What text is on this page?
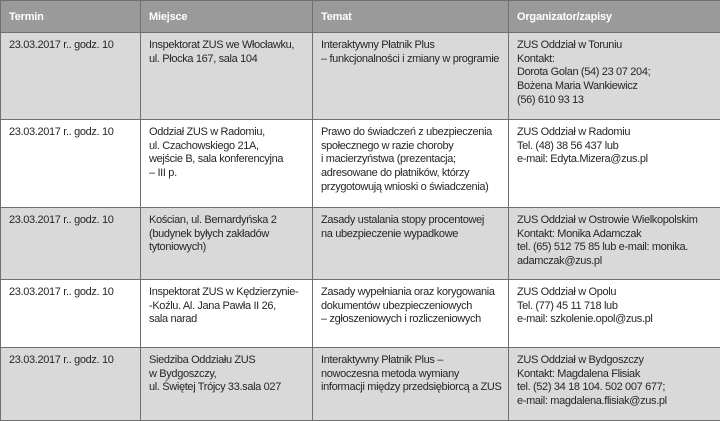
Termin	Miejsce	Temat	Organizator/zapisy

23.03.2017 r.. godz. 10	Inspektorat ZUS we Włocławku,
ul. Płocka 167, sala 104	Interaktywny Płatnik Plus
– funkcjonalności i zmiany w programie	ZUS Oddział w Toruniu
Kontakt:
Dorota Golan (54) 23 07 204;
Bożena Maria Wankiewicz
(56) 610 93 13

23.03.2017 r.. godz. 10	Oddział ZUS w Radomiu,
ul. Czachowskiego 21A,
wejście B, sala konferencyjna
– III p.	Prawo do świadczeń z ubezpieczenia
społecznego w razie choroby
i macierzyństwa (prezentacja;
adresowane do płatników, którzy
przygotowują wnioski o świadczenia)	ZUS Oddział w Radomiu
Tel. (48) 38 56 437 lub
e-mail: Edyta.Mizera@zus.pl

23.03.2017 r.. godz. 10	Kościan, ul. Bernardyńska 2
(budynek byłych zakładów
tytoniowych)	Zasady ustalania stopy procentowej
na ubezpieczenie wypadkowe	ZUS Oddział w Ostrowie Wielkopolskim
Kontakt: Monika Adamczak
tel. (65) 512 75 85 lub e-mail: monika.
adamczak@zus.pl

23.03.2017 r.. godz. 10	Inspektorat ZUS w Kędzierzynie-
-Koźlu. Al. Jana Pawła II 26,
sala narad	Zasady wypełniania oraz korygowania
dokumentów ubezpieczeniowych
– zgłoszeniowych i rozliczeniowych	ZUS Oddział w Opolu
Tel. (77) 45 11 718 lub
e-mail: szkolenie.opol@zus.pl

23.03.2017 r.. godz. 10	Siedziba Oddziału ZUS
w Bydgoszczy,
ul. Świętej Trójcy 33.sala 027	Interaktywny Płatnik Plus –
nowoczesna metoda wymiany
informacji między przedsiębiorcą a ZUS	ZUS Oddział w Bydgoszczy
Kontakt: Magdalena Flisiak
tel. (52) 34 18 104. 502 007 677;
e-mail: magdalena.flisiak@zus.pl
